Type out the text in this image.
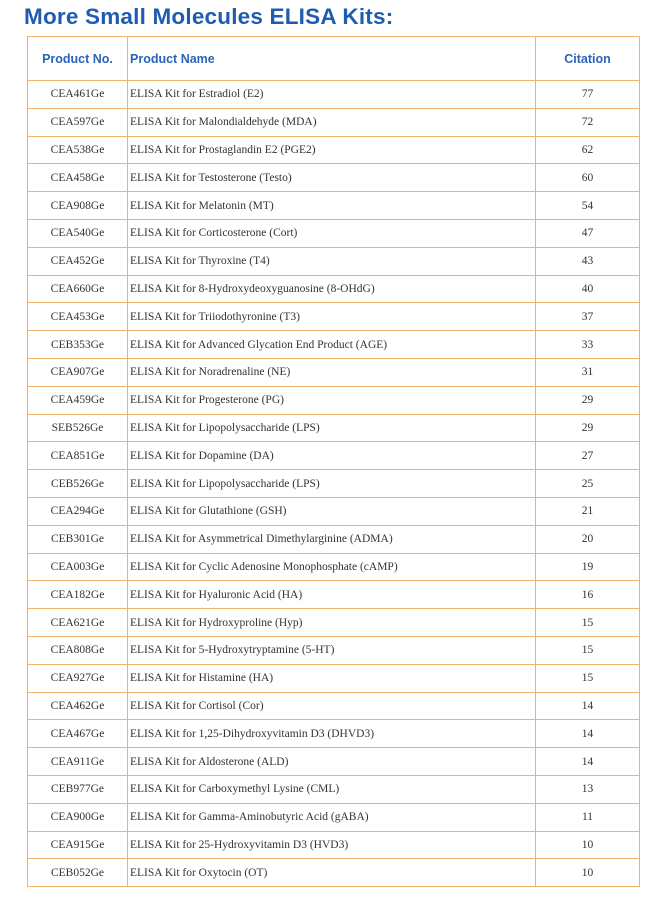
More Small Molecules ELISA Kits:
Product No.	Product Name	Citation
CEA461Ge	ELISA Kit for Estradiol (E2)	77
CEA597Ge	ELISA Kit for Malondialdehyde (MDA)	72
CEA538Ge	ELISA Kit for Prostaglandin E2 (PGE2)	62
CEA458Ge	ELISA Kit for Testosterone (Testo)	60
CEA908Ge	ELISA Kit for Melatonin (MT)	54
CEA540Ge	ELISA Kit for Corticosterone (Cort)	47
CEA452Ge	ELISA Kit for Thyroxine (T4)	43
CEA660Ge	ELISA Kit for 8-Hydroxydeoxyguanosine (8-OHdG)	40
CEA453Ge	ELISA Kit for Triiodothyronine (T3)	37
CEB353Ge	ELISA Kit for Advanced Glycation End Product (AGE)	33
CEA907Ge	ELISA Kit for Noradrenaline (NE)	31
CEA459Ge	ELISA Kit for Progesterone (PG)	29
SEB526Ge	ELISA Kit for Lipopolysaccharide (LPS)	29
CEA851Ge	ELISA Kit for Dopamine (DA)	27
CEB526Ge	ELISA Kit for Lipopolysaccharide (LPS)	25
CEA294Ge	ELISA Kit for Glutathione (GSH)	21
CEB301Ge	ELISA Kit for Asymmetrical Dimethylarginine (ADMA)	20
CEA003Ge	ELISA Kit for Cyclic Adenosine Monophosphate (cAMP)	19
CEA182Ge	ELISA Kit for Hyaluronic Acid (HA)	16
CEA621Ge	ELISA Kit for Hydroxyproline (Hyp)	15
CEA808Ge	ELISA Kit for 5-Hydroxytryptamine (5-HT)	15
CEA927Ge	ELISA Kit for Histamine (HA)	15
CEA462Ge	ELISA Kit for Cortisol (Cor)	14
CEA467Ge	ELISA Kit for 1,25-Dihydroxyvitamin D3 (DHVD3)	14
CEA911Ge	ELISA Kit for Aldosterone (ALD)	14
CEB977Ge	ELISA Kit for Carboxymethyl Lysine (CML)	13
CEA900Ge	ELISA Kit for Gamma-Aminobutyric Acid (gABA)	11
CEA915Ge	ELISA Kit for 25-Hydroxyvitamin D3 (HVD3)	10
CEB052Ge	ELISA Kit for Oxytocin (OT)	10
